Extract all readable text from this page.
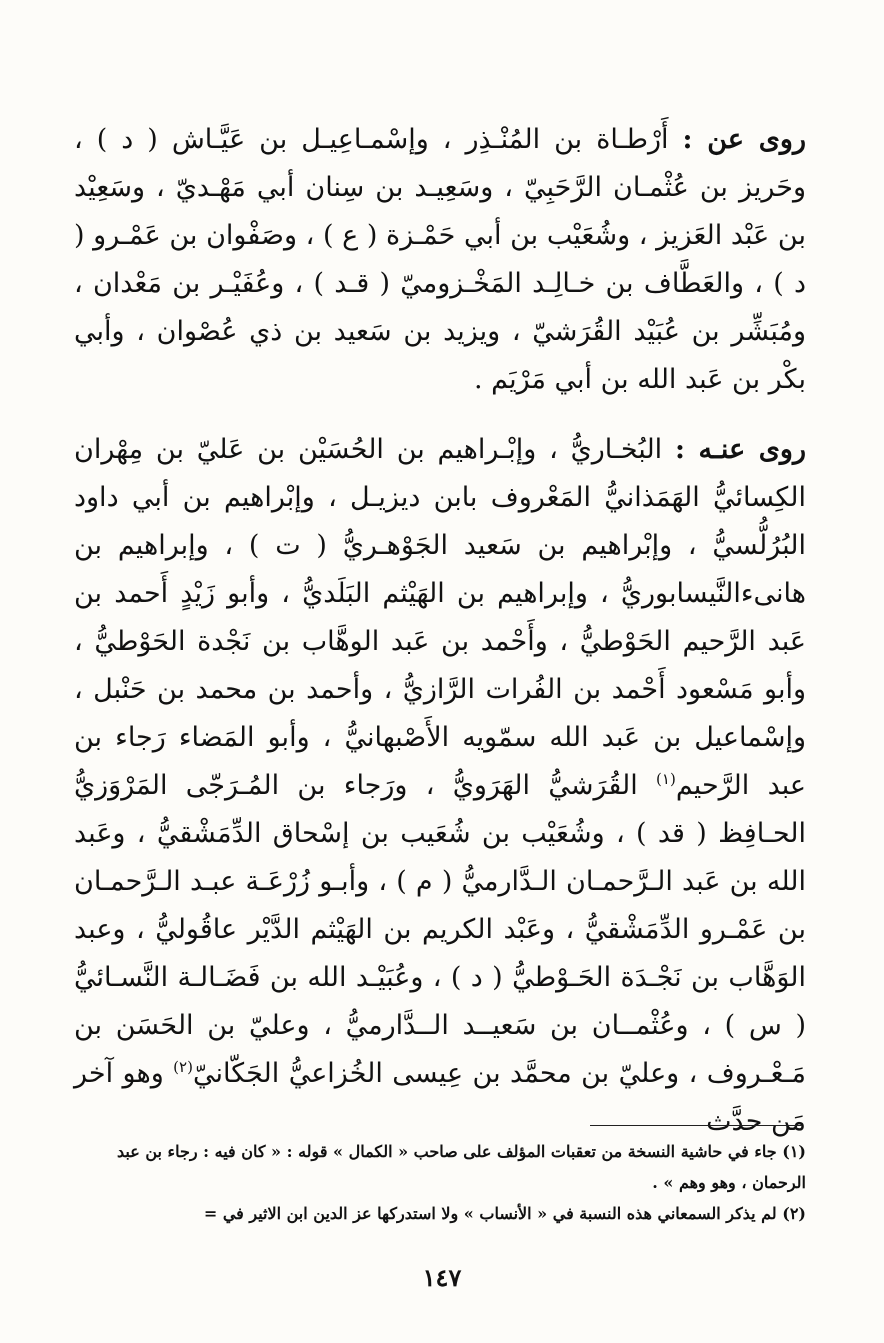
روى عن : أَرْطـاة بن المُنْـذِر ، وإسْمـاعِيـل بن عَيَّـاش ( د ) ، وحَريز بن عُثْمـان الرَّحَبِيّ ، وسَعِيـد بن سِنان أبي مَهْـديّ ، وسَعِيْد بن عَبْد العَزيز ، وشُعَيْب بن أبي حَمْـزة ( ع ) ، وصَفْوان بن عَمْـرو ( د ) ، والعَطَّاف بن خـالِـد المَخْـزوميّ ( قـد ) ، وعُفَيْـر بن مَعْدان ، ومُبَشِّر بن عُبَيْد القُرَشيّ ، ويزيد بن سَعيد بن ذي عُصْوان ، وأبي بكْر بن عَبد الله بن أبي مَرْيَم .

روى عنـه : البُخـاريُّ ، وإبْـراهيم بن الحُسَيْن بن عَليّ بن مِهْران الكِسائيُّ الهَمَذانيُّ المَعْروف بابن ديزيـل ، وإبْراهيم بن أبي داود البُرُلُّسيُّ ، وإبْراهيم بن سَعيد الجَوْهـريُّ ( ت ) ، وإبراهيم بن هانىءالنَّيسابوريُّ ، وإبراهيم بن الهَيْثم البَلَديُّ ، وأبو زَيْدٍ أَحمد بن عَبد الرَّحيم الحَوْطيُّ ، وأَحْمد بن عَبد الوهَّاب بن نَجْدة الحَوْطيُّ ، وأبو مَسْعود أَحْمد بن الفُرات الرَّازيُّ ، وأحمد بن محمد بن حَنْبل ، وإسْماعيل بن عَبد الله سمّويه الأَصْبهانيُّ ، وأبو المَضاء رَجاء بن عبد الرَّحيم$^{(١)}$ القُرَشيُّ الهَرَويُّ ، ورَجاء بن المُـرَجّى المَرْوَزيُّ الحـافِظ ( قد ) ، وشُعَيْب بن شُعَيب بن إسْحاق الدِّمَشْقيُّ ، وعَبد الله بن عَبد الـرَّحمـان الـدَّارميُّ ( م ) ، وأبـو زُرْعَـة عبـد الـرَّحمـان بن عَمْـرو الدِّمَشْقيُّ ، وعَبْد الكريم بن الهَيْثم الدَّيْر عاقُوليُّ ، وعبد الوَهَّاب بن نَجْـدَة الحَـوْطيُّ ( د ) ، وعُبَيْـد الله بن فَضَـالـة النَّسـائيُّ ( س ) ، وعُثْمــان بن سَعيــد الــدَّارميُّ ، وعليّ بن الحَسَن بن مَـعْـروف ، وعليّ بن محمَّد بن عِيسى الخُزاعيُّ الجَكّانيّ$^{(٢)}$ وهو آخر مَن حدَّث

(١) جاء في حاشية النسخة من تعقبات المؤلف على صاحب « الكمال » قوله : « كان فيه : رجاء بن عبد الرحمان ، وهو وهم » .

(٢) لم يذكر السمعاني هذه النسبة في « الأنساب » ولا استدركها عز الدين ابن الاثير في =

١٤٧
